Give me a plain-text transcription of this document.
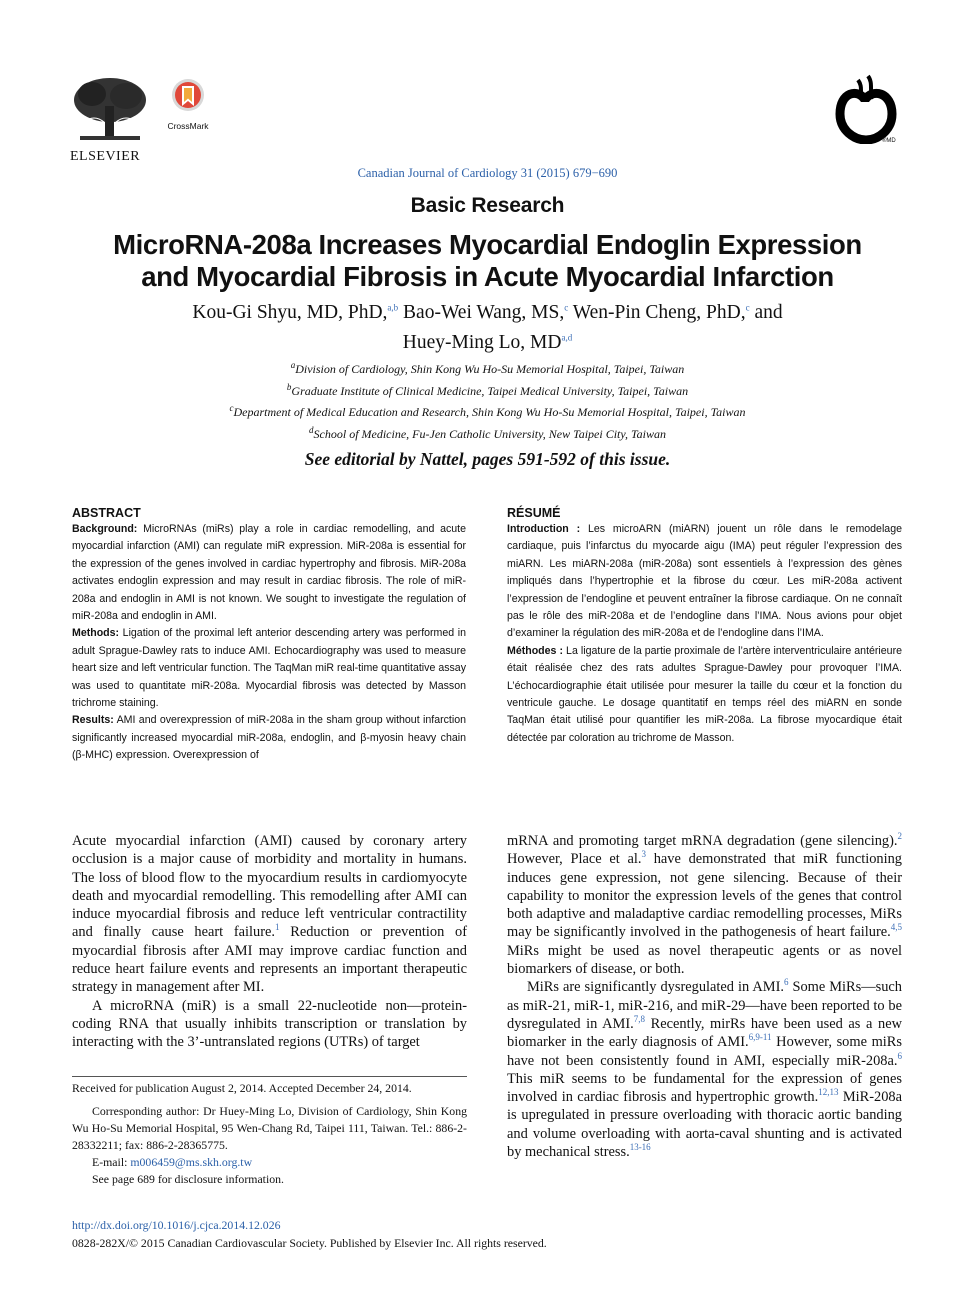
ELSEVIER
CrossMark
®MD
Canadian Journal of Cardiology 31 (2015) 679−690
Basic Research
MicroRNA-208a Increases Myocardial Endoglin Expression
and Myocardial Fibrosis in Acute Myocardial Infarction
Kou-Gi Shyu, MD, PhD,$^{a,b}$ Bao-Wei Wang, MS,$^c$ Wen-Pin Cheng, PhD,$^c$ and
Huey-Ming Lo, MD$^{a,d}$
$^a$Division of Cardiology, Shin Kong Wu Ho-Su Memorial Hospital, Taipei, Taiwan
$^b$Graduate Institute of Clinical Medicine, Taipei Medical University, Taipei, Taiwan
$^c$Department of Medical Education and Research, Shin Kong Wu Ho-Su Memorial Hospital, Taipei, Taiwan
$^d$School of Medicine, Fu-Jen Catholic University, New Taipei City, Taiwan
See editorial by Nattel, pages 591-592 of this issue.
ABSTRACT
Background: MicroRNAs (miRs) play a role in cardiac remodelling, and acute myocardial infarction (AMI) can regulate miR expression. MiR-208a is essential for the expression of the genes involved in cardiac hypertrophy and fibrosis. MiR-208a activates endoglin expression and may result in cardiac fibrosis. The role of miR-208a and endoglin in AMI is not known. We sought to investigate the regulation of miR-208a and endoglin in AMI.
Methods: Ligation of the proximal left anterior descending artery was performed in adult Sprague-Dawley rats to induce AMI. Echocardiography was used to measure heart size and left ventricular function. The TaqMan miR real-time quantitative assay was used to quantitate miR-208a. Myocardial fibrosis was detected by Masson trichrome staining.
Results: AMI and overexpression of miR-208a in the sham group without infarction significantly increased myocardial miR-208a, endoglin, and β-myosin heavy chain (β-MHC) expression. Overexpression of
RÉSUMÉ
Introduction : Les microARN (miARN) jouent un rôle dans le remodelage cardiaque, puis l’infarctus du myocarde aigu (IMA) peut réguler l’expression des miARN. Les miARN-208a (miR-208a) sont essentiels à l’expression des gènes impliqués dans l’hypertrophie et la fibrose du cœur. Les miR-208a activent l’expression de l’endogline et peuvent entraîner la fibrose cardiaque. On ne connaît pas le rôle des miR-208a et de l’endogline dans l’IMA. Nous avions pour objet d’examiner la régulation des miR-208a et de l’endogline dans l’IMA.
Méthodes : La ligature de la partie proximale de l’artère interventriculaire antérieure était réalisée chez des rats adultes Sprague-Dawley pour provoquer l’IMA. L’échocardiographie était utilisée pour mesurer la taille du cœur et la fonction du ventricule gauche. Le dosage quantitatif en temps réel des miARN en sonde TaqMan était utilisé pour quantifier les miR-208a. La fibrose myocardique était détectée par coloration au trichrome de Masson.

Acute myocardial infarction (AMI) caused by coronary artery occlusion is a major cause of morbidity and mortality in humans. The loss of blood flow to the myocardium results in cardiomyocyte death and myocardial remodelling. This remodelling after AMI can induce myocardial fibrosis and reduce left ventricular contractility and finally cause heart failure.$^1$ Reduction or prevention of myocardial fibrosis after AMI may improve cardiac function and reduce heart failure events and represents an important therapeutic strategy in management after MI.

A microRNA (miR) is a small 22-nucleotide non—protein-coding RNA that usually inhibits transcription or translation by interacting with the 3’-untranslated regions (UTRs) of target

mRNA and promoting target mRNA degradation (gene silencing).$^2$ However, Place et al.$^3$ have demonstrated that miR functioning induces gene expression, not gene silencing. Because of their capability to monitor the expression levels of the genes that control both adaptive and maladaptive cardiac remodelling processes, MiRs may be significantly involved in the pathogenesis of heart failure.$^{4,5}$ MiRs might be used as novel therapeutic agents or as novel biomarkers of disease, or both.

MiRs are significantly dysregulated in AMI.$^6$ Some MiRs—such as miR-21, miR-1, miR-216, and miR-29—have been reported to be dysregulated in AMI.$^{7,8}$ Recently, mirRs have been used as a new biomarker in the early diagnosis of AMI.$^{6,9-11}$ However, some miRs have not been consistently found in AMI, especially miR-208a.$^6$ This miR seems to be fundamental for the expression of genes involved in cardiac fibrosis and hypertrophic growth.$^{12,13}$ MiR-208a is upregulated in pressure overloading with thoracic aortic banding and volume overloading with aorta-caval shunting and is activated by mechanical stress.$^{13-16}$

Received for publication August 2, 2014. Accepted December 24, 2014.

Corresponding author: Dr Huey-Ming Lo, Division of Cardiology, Shin Kong Wu Ho-Su Memorial Hospital, 95 Wen-Chang Rd, Taipei 111, Taiwan. Tel.: 886-2-28332211; fax: 886-2-28365775.

E-mail: m006459@ms.skh.org.tw

See page 689 for disclosure information.

http://dx.doi.org/10.1016/j.cjca.2014.12.026
0828-282X/© 2015 Canadian Cardiovascular Society. Published by Elsevier Inc. All rights reserved.
